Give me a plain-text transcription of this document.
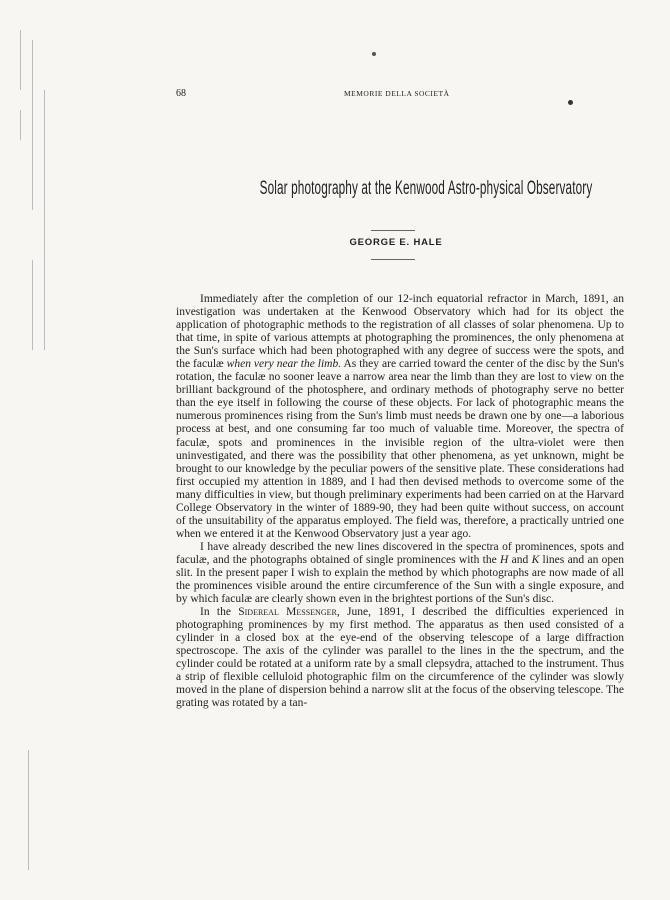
68	MEMORIE DELLA SOCIETÀ
Solar photography at the Kenwood Astro-physical Observatory
GEORGE E. HALE

Immediately after the completion of our 12-inch equatorial refractor in March, 1891, an investigation was undertaken at the Kenwood Observatory which had for its object the application of photographic methods to the registration of all classes of solar phenomena. Up to that time, in spite of various attempts at photographing the prominences, the only phenomena at the Sun's surface which had been photographed with any degree of success were the spots, and the faculæ when very near the limb. As they are carried toward the center of the disc by the Sun's rotation, the faculæ no sooner leave a narrow area near the limb than they are lost to view on the brilliant background of the photosphere, and ordinary methods of photography serve no better than the eye itself in following the course of these objects. For lack of photographic means the numerous prominences rising from the Sun's limb must needs be drawn one by one—a laborious process at best, and one consuming far too much of valuable time. Moreover, the spectra of faculæ, spots and prominences in the invisible region of the ultra-violet were then uninvestigated, and there was the possibility that other phenomena, as yet unknown, might be brought to our knowledge by the peculiar powers of the sensitive plate. These considerations had first occupied my attention in 1889, and I had then devised methods to overcome some of the many difficulties in view, but though preliminary experiments had been carried on at the Harvard College Observatory in the winter of 1889-90, they had been quite without success, on account of the unsuitability of the apparatus employed. The field was, therefore, a practically untried one when we entered it at the Kenwood Observatory just a year ago.

I have already described the new lines discovered in the spectra of prominences, spots and faculæ, and the photographs obtained of single prominences with the H and K lines and an open slit. In the present paper I wish to explain the method by which photographs are now made of all the prominences visible around the entire circumference of the Sun with a single exposure, and by which faculæ are clearly shown even in the brightest portions of the Sun's disc.

In the Sidereal Messenger, June, 1891, I described the difficulties experienced in photographing prominences by my first method. The apparatus as then used consisted of a cylinder in a closed box at the eye-end of the observing telescope of a large diffraction spectroscope. The axis of the cylinder was parallel to the lines in the the spectrum, and the cylinder could be rotated at a uniform rate by a small clepsydra, attached to the instrument. Thus a strip of flexible celluloid photographic film on the circumference of the cylinder was slowly moved in the plane of dispersion behind a narrow slit at the focus of the observing telescope. The grating was rotated by a tan-
